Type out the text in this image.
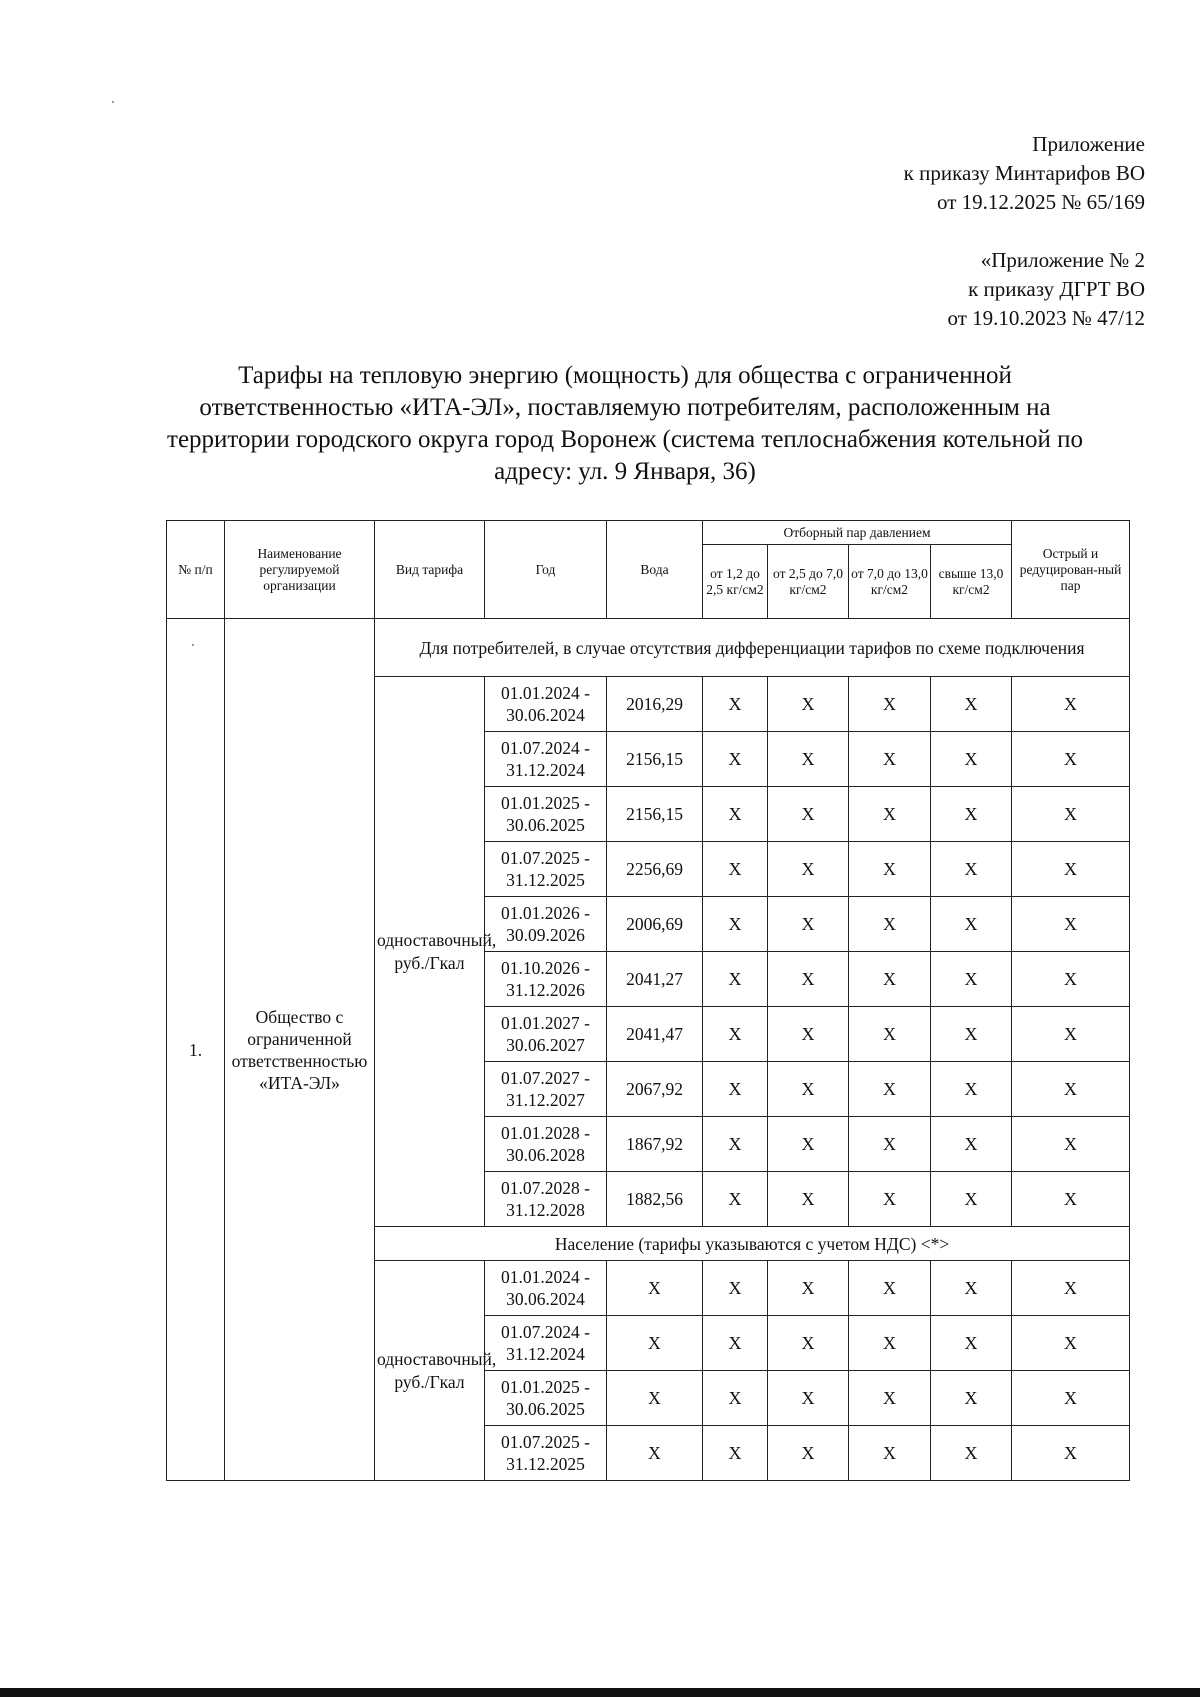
Приложение
к приказу Минтарифов ВО
от 19.12.2025 № 65/169
«Приложение № 2
к приказу ДГРТ ВО
от 19.10.2023 № 47/12
Тарифы на тепловую энергию (мощность) для общества с ограниченной ответственностью «ИТА-ЭЛ», поставляемую потребителям, расположенным на территории городского округа город Воронеж (система теплоснабжения котельной по адресу: ул. 9 Января, 36)
№ п/п	Наименование регулируемой организации	Вид тарифа	Год	Вода	Отборный пар давлением				Острый и редуцирован-ный пар
					от 1,2 до 2,5 кг/см2	от 2,5 до 7,0 кг/см2	от 7,0 до 13,0 кг/см2	свыше 13,0 кг/см2	
1.	Общество с ограниченной ответственностью «ИТА-ЭЛ»	Для потребителей, в случае отсутствия дифференциации тарифов по схеме подключения							
		одноставочный, руб./Гкал	01.01.2024 - 30.06.2024	2016,29	X	X	X	X	X
			01.07.2024 - 31.12.2024	2156,15	X	X	X	X	X
			01.01.2025 - 30.06.2025	2156,15	X	X	X	X	X
			01.07.2025 - 31.12.2025	2256,69	X	X	X	X	X
			01.01.2026 - 30.09.2026	2006,69	X	X	X	X	X
			01.10.2026 - 31.12.2026	2041,27	X	X	X	X	X
			01.01.2027 - 30.06.2027	2041,47	X	X	X	X	X
			01.07.2027 - 31.12.2027	2067,92	X	X	X	X	X
			01.01.2028 - 30.06.2028	1867,92	X	X	X	X	X
			01.07.2028 - 31.12.2028	1882,56	X	X	X	X	X
		Население (тарифы указываются с учетом НДС) <*>							
		одноставочный, руб./Гкал	01.01.2024 - 30.06.2024	X	X	X	X	X	X
			01.07.2024 - 31.12.2024	X	X	X	X	X	X
			01.01.2025 - 30.06.2025	X	X	X	X	X	X
			01.07.2025 - 31.12.2025	X	X	X	X	X	X
